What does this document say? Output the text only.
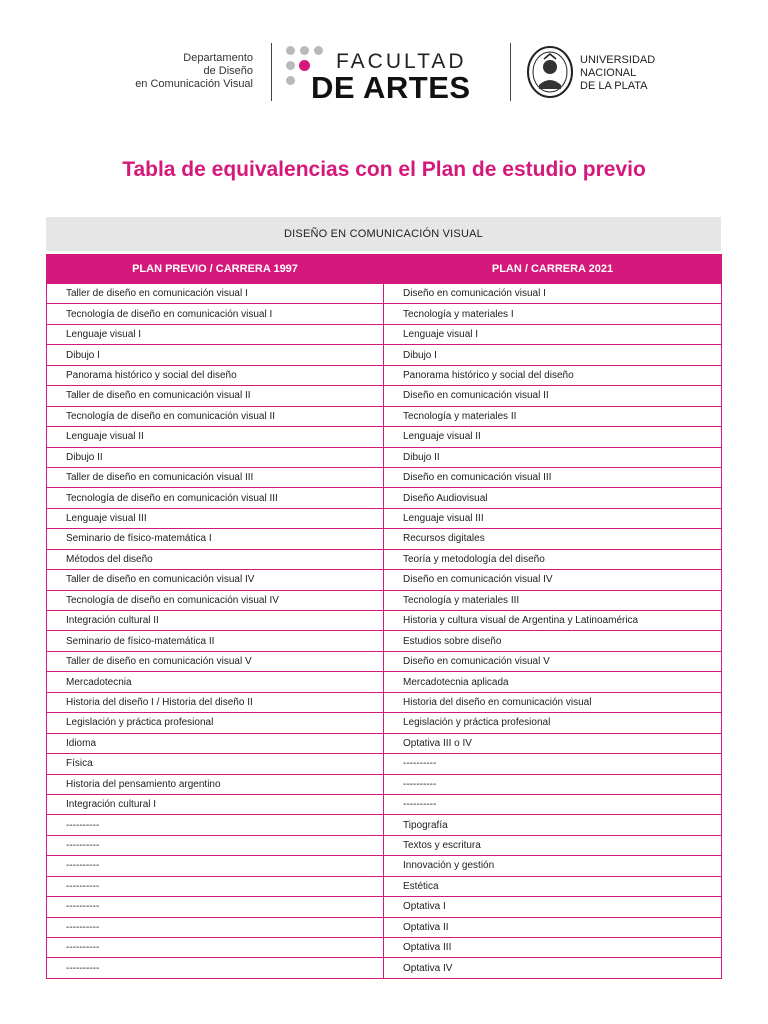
Departamento
de Diseño
en Comunicación Visual
FACULTAD
DE ARTES
UNIVERSIDAD
NACIONAL
DE LA PLATA
Tabla de equivalencias con el Plan de estudio previo
DISEÑO EN COMUNICACIÓN VISUAL
PLAN PREVIO / CARRERA 1997	PLAN / CARRERA 2021
Taller de diseño en comunicación visual I	Diseño en comunicación visual I
Tecnología de diseño en comunicación visual I	Tecnología y materiales I
Lenguaje visual I	Lenguaje visual I
Dibujo I	Dibujo I
Panorama histórico y social del diseño	Panorama histórico y social del diseño
Taller de diseño en comunicación visual II	Diseño en comunicación visual II
Tecnología de diseño en comunicación visual II	Tecnología y materiales II
Lenguaje visual II	Lenguaje visual II
Dibujo II	Dibujo II
Taller de diseño en comunicación visual III	Diseño en comunicación visual III
Tecnología de diseño en comunicación visual III	Diseño Audiovisual
Lenguaje visual III	Lenguaje visual III
Seminario de físico-matemática I	Recursos digitales
Métodos del diseño	Teoría y metodología del diseño
Taller de diseño en comunicación visual IV	Diseño en comunicación visual IV
Tecnología de diseño en comunicación visual IV	Tecnología y materiales III
Integración cultural II	Historia y cultura visual de Argentina y Latinoamérica
Seminario de físico-matemática II	Estudios sobre diseño
Taller de diseño en comunicación visual V	Diseño en comunicación visual V
Mercadotecnia	Mercadotecnia aplicada
Historia del diseño I / Historia del diseño II	Historia del diseño en comunicación visual
Legislación y práctica profesional	Legislación y práctica profesional
Idioma	Optativa III o IV
Física	----------
Historia del pensamiento argentino	----------
Integración cultural I	----------
----------	Tipografía
----------	Textos y escritura
----------	Innovación y gestión
----------	Estética
----------	Optativa I
----------	Optativa II
----------	Optativa III
----------	Optativa IV
